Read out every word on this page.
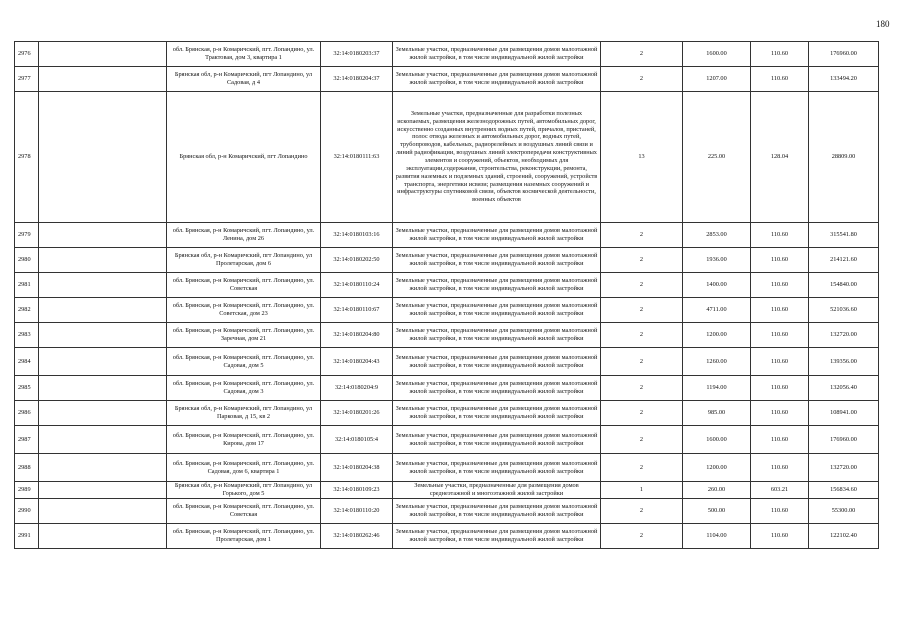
180
2976		обл. Брянская, р-н Комаричский, пгт. Лопандино, ул. Трактовая, дом 3, квартира 1	32:14:0180203:37	Земельные участки, предназначенные для размещения домов малоэтажной жилой застройки, в том числе индивидуальной жилой застройки	2	1600.00	110.60	176960.00
2977		Брянская обл, р-н Комаричский, пгт Лопандино, ул Садовая, д 4	32:14:0180204:37	Земельные участки, предназначенные для размещения домов малоэтажной жилой застройки, в том числе индивидуальной жилой застройки	2	1207.00	110.60	133494.20
2978		Брянская обл, р-н Комаричский, пгт Лопандино	32:14:0180111:63	Земельные участки, предназначенные для разработки полезных ископаемых, размещения железнодорожных путей, автомобильных дорог, искусственно созданных внутренних водных путей, причалов, пристаней, полос отвода железных и автомобильных дорог, водных путей, трубопроводов, кабельных, радиорелейных и воздушных линий связи и линий радиофикации, воздушных линий электропередачи конструктивных элементов и сооружений, объектов, необходимых для эксплуатации,содержания, строительства, реконструкции, ремонта, развития наземных и подземных зданий, строений, сооружений, устройств транспорта, энергетики исвязи; размещения наземных сооружений и инфраструктуры спутниковой связи, объектов космической деятельности, военных объектов	13	225.00	128.04	28809.00
2979		обл. Брянская, р-н Комаричский, пгт. Лопандино, ул. Ленина, дом 26	32:14:0180103:16	Земельные участки, предназначенные для размещения домов малоэтажной жилой застройки, в том числе индивидуальной жилой застройки	2	2853.00	110.60	315541.80
2980		Брянская обл, р-н Комаричский, пгт Лопандино, ул Пролетарская, дом 6	32:14:0180202:50	Земельные участки, предназначенные для размещения домов малоэтажной жилой застройки, в том числе индивидуальной жилой застройки	2	1936.00	110.60	214121.60
2981		обл. Брянская, р-н Комаричский, пгт. Лопандино, ул. Советская	32:14:0180110:24	Земельные участки, предназначенные для размещения домов малоэтажной жилой застройки, в том числе индивидуальной жилой застройки	2	1400.00	110.60	154840.00
2982		обл. Брянская, р-н Комаричский, пгт. Лопандино, ул. Советская, дом 23	32:14:0180110:67	Земельные участки, предназначенные для размещения домов малоэтажной жилой застройки, в том числе индивидуальной жилой застройки	2	4711.00	110.60	521036.60
2983		обл. Брянская, р-н Комаричский, пгт. Лопандино, ул. Заречная, дом 21	32:14:0180204:80	Земельные участки, предназначенные для размещения домов малоэтажной жилой застройки, в том числе индивидуальной жилой застройки	2	1200.00	110.60	132720.00
2984		обл. Брянская, р-н Комаричский, пгт. Лопандино, ул. Садовая, дом 5	32:14:0180204:43	Земельные участки, предназначенные для размещения домов малоэтажной жилой застройки, в том числе индивидуальной жилой застройки	2	1260.00	110.60	139356.00
2985		обл. Брянская, р-н Комаричский, пгт. Лопандино, ул. Садовая, дом 3	32:14:0180204:9	Земельные участки, предназначенные для размещения домов малоэтажной жилой застройки, в том числе индивидуальной жилой застройки	2	1194.00	110.60	132056.40
2986		Брянская обл, р-н Комаричский, пгт Лопандино, ул Парковая, д 15, кв 2	32:14:0180201:26	Земельные участки, предназначенные для размещения домов малоэтажной жилой застройки, в том числе индивидуальной жилой застройки	2	985.00	110.60	108941.00
2987		обл. Брянская, р-н Комаричский, пгт. Лопандино, ул. Кирова, дом 17	32:14:0180105:4	Земельные участки, предназначенные для размещения домов малоэтажной жилой застройки, в том числе индивидуальной жилой застройки	2	1600.00	110.60	176960.00
2988		обл. Брянская, р-н Комаричский, пгт. Лопандино, ул. Садовая, дом 6, квартира 1	32:14:0180204:38	Земельные участки, предназначенные для размещения домов малоэтажной жилой застройки, в том числе индивидуальной жилой застройки	2	1200.00	110.60	132720.00
2989		Брянская обл, р-н Комаричский, пгт Лопандино, ул Горького, дом 5	32:14:0180109:23	Земельные участки, предназначенные для размещения домов среднеэтажной и многоэтажной жилой застройки	1	260.00	603.21	156834.60
2990		обл. Брянская, р-н Комаричский, пгт. Лопандино, ул. Советская	32:14:0180110:20	Земельные участки, предназначенные для размещения домов малоэтажной жилой застройки, в том числе индивидуальной жилой застройки	2	500.00	110.60	55300.00
2991		обл. Брянская, р-н Комаричский, пгт. Лопандино, ул. Пролетарская, дом 1	32:14:0180262:46	Земельные участки, предназначенные для размещения домов малоэтажной жилой застройки, в том числе индивидуальной жилой застройки	2	1104.00	110.60	122102.40
